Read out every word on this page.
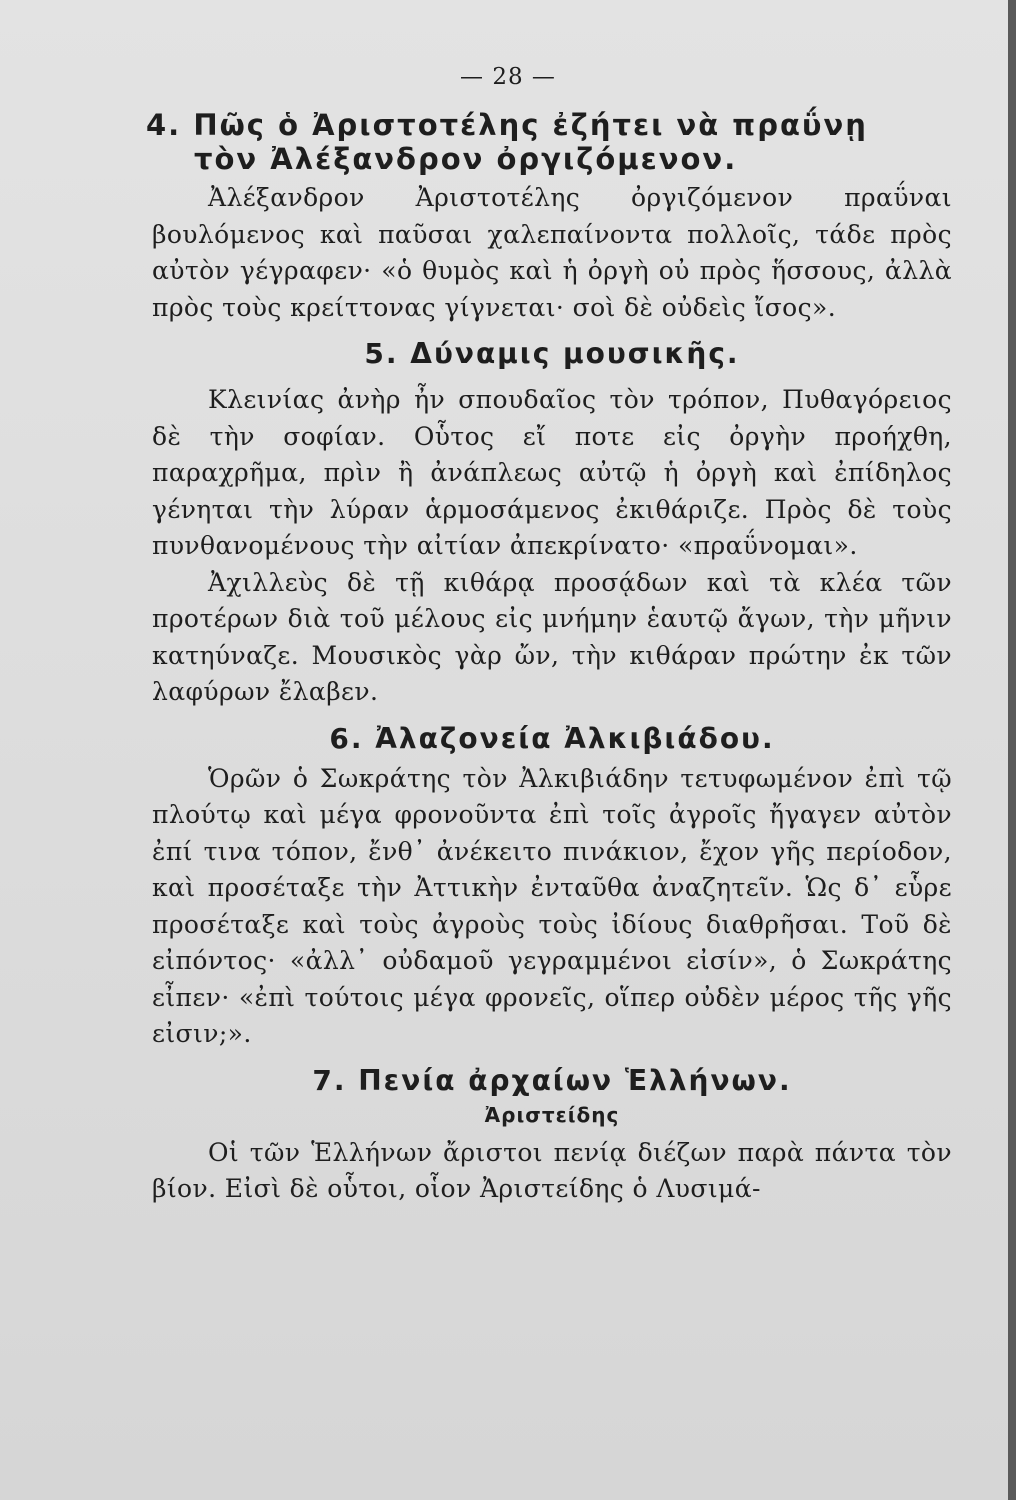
— 28 —
4. Πῶς ὁ Ἀριστοτέλης ἐζήτει νὰ πραΰνῃ
τὸν Ἀλέξανδρον ὀργιζόμενον.

Ἀλέξανδρον Ἀριστοτέλης ὀργιζόμενον πραΰναι βουλόμενος καὶ παῦσαι χαλεπαίνοντα πολλοῖς, τάδε πρὸς αὐτὸν γέγραφεν· «ὁ θυμὸς καὶ ἡ ὀργὴ οὐ πρὸς ἥσσους, ἀλλὰ πρὸς τοὺς κρείττονας γίγνεται· σοὶ δὲ οὐδεὶς ἴσος».

5. Δύναμις μουσικῆς.

Κλεινίας ἀνὴρ ἦν σπουδαῖος τὸν τρόπον, Πυθαγόρειος δὲ τὴν σοφίαν. Οὗτος εἴ ποτε εἰς ὀργὴν προήχθη, παραχρῆμα, πρὶν ἢ ἀνάπλεως αὐτῷ ἡ ὀργὴ καὶ ἐπίδηλος γένηται τὴν λύραν ἁρμοσάμενος ἐκιθάριζε. Πρὸς δὲ τοὺς πυνθανομένους τὴν αἰτίαν ἀπεκρίνατο· «πραΰνομαι».

Ἀχιλλεὺς δὲ τῇ κιθάρᾳ προσᾴδων καὶ τὰ κλέα τῶν προτέρων διὰ τοῦ μέλους εἰς μνήμην ἑαυτῷ ἄγων, τὴν μῆνιν κατηύναζε. Μουσικὸς γὰρ ὤν, τὴν κιθάραν πρώτην ἐκ τῶν λαφύρων ἔλαβεν.

6. Ἀλαζονεία Ἀλκιβιάδου.

Ὁρῶν ὁ Σωκράτης τὸν Ἀλκιβιάδην τετυφωμένον ἐπὶ τῷ πλούτῳ καὶ μέγα φρονοῦντα ἐπὶ τοῖς ἀγροῖς ἤγαγεν αὐτὸν ἐπί τινα τόπον, ἔνθ᾽ ἀνέκειτο πινάκιον, ἔχον γῆς περίοδον, καὶ προσέταξε τὴν Ἀττικὴν ἐνταῦθα ἀναζητεῖν. Ὡς δ᾽ εὗρε προσέταξε καὶ τοὺς ἀγροὺς τοὺς ἰδίους διαθρῆσαι. Τοῦ δὲ εἰπόντος· «ἀλλ᾽ οὐδαμοῦ γεγραμμένοι εἰσίν», ὁ Σωκράτης εἶπεν· «ἐπὶ τούτοις μέγα φρονεῖς, οἵπερ οὐδὲν μέρος τῆς γῆς εἰσιν;».

7. Πενία ἀρχαίων Ἑλλήνων.
Ἀριστείδης

Οἱ τῶν Ἑλλήνων ἄριστοι πενίᾳ διέζων παρὰ πάντα τὸν βίον. Εἰσὶ δὲ οὗτοι, οἷον Ἀριστείδης ὁ Λυσιμά-
